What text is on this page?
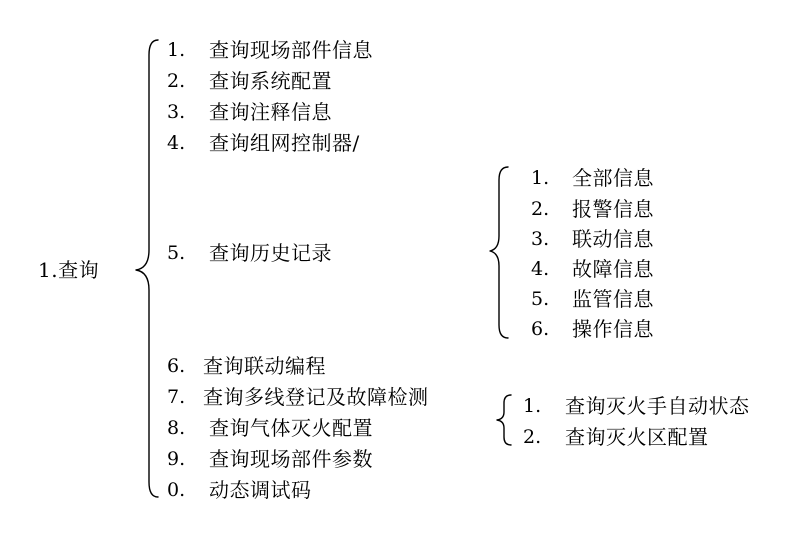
1.查询
1. 查询现场部件信息
2. 查询系统配置
3. 查询注释信息
4. 查询组网控制器/
5. 查询历史记录
6. 查询联动编程
7. 查询多线登记及故障检测
8. 查询气体灭火配置
9. 查询现场部件参数
0. 动态调试码
1. 全部信息
2. 报警信息
3. 联动信息
4. 故障信息
5. 监管信息
6. 操作信息
1. 查询灭火手自动状态
2. 查询灭火区配置
